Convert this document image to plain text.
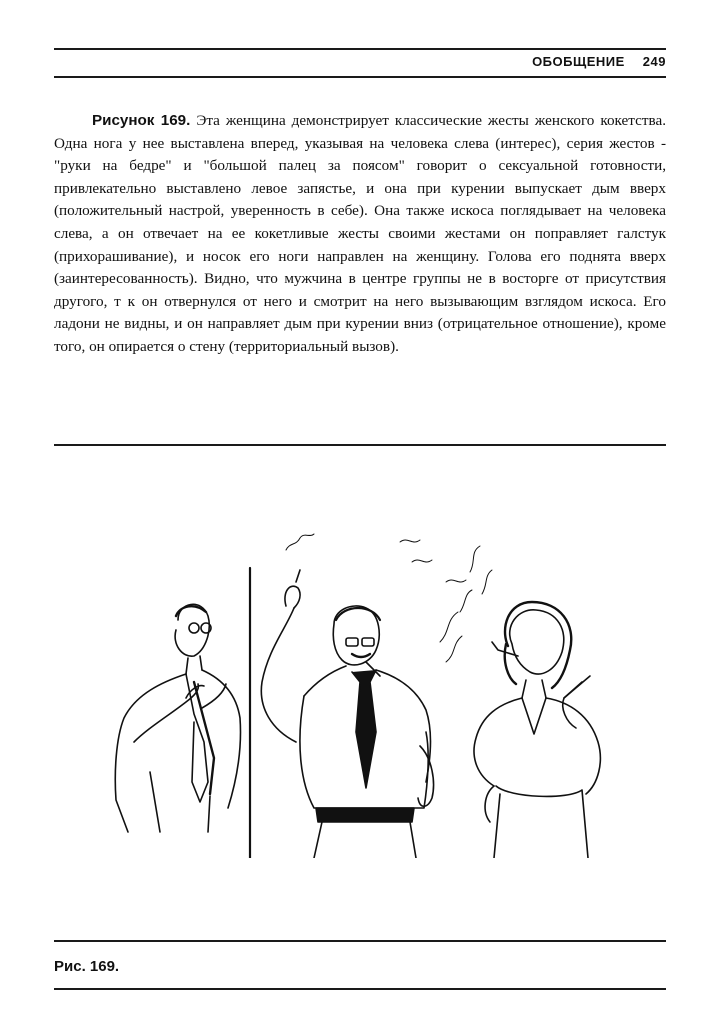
ОБОБЩЕНИЕ 249

Рисунок 169. Эта женщина демонстрирует классические жесты женского кокетства. Одна нога у нее выставлена вперед, указывая на человека слева (интерес), серия жестов - "руки на бедре" и "большой палец за поясом" говорит о сексуальной готовности, привлекательно выставлено левое запястье, и она при курении выпускает дым вверх (положительный настрой, уверенность в себе). Она также искоса поглядывает на человека слева, а он отвечает на ее кокетливые жесты своими жестами он поправляет галстук (прихорашивание), и носок его ноги направлен на женщину. Голова его поднята вверх (заинтересованность). Видно, что мужчина в центре группы не в восторге от присутствия другого, т к он отвернулся от него и смотрит на него вызывающим взглядом искоса. Его ладони не видны, и он направляет дым при курении вниз (отрицательное отношение), кроме того, он опирается о стену (территориальный вызов).

Рис. 169.
